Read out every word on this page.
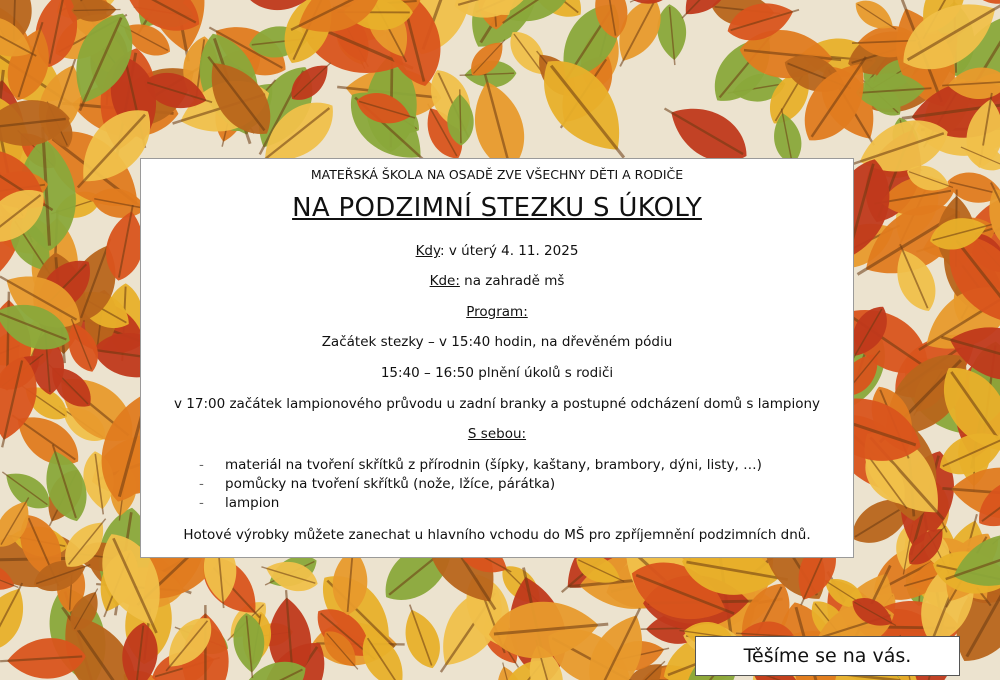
MATEŘSKÁ ŠKOLA NA OSADĚ ZVE VŠECHNY DĚTI A RODIČE
NA PODZIMNÍ STEZKU S ÚKOLY
Kdy: v úterý 4. 11. 2025
Kde: na zahradě mš
Program:
Začátek stezky – v 15:40 hodin, na dřevěném pódiu
15:40 – 16:50 plnění úkolů s rodiči
v 17:00 začátek lampionového průvodu u zadní branky a postupné odcházení domů s lampiony
S sebou:
-	materiál na tvoření skřítků z přírodnin (šípky, kaštany, brambory, dýni, listy, …)
-	pomůcky na tvoření skřítků (nože, lžíce, párátka)
-	lampion
Hotové výrobky můžete zanechat u hlavního vchodu do MŠ pro zpříjemnění podzimních dnů.
Těšíme se na vás.
